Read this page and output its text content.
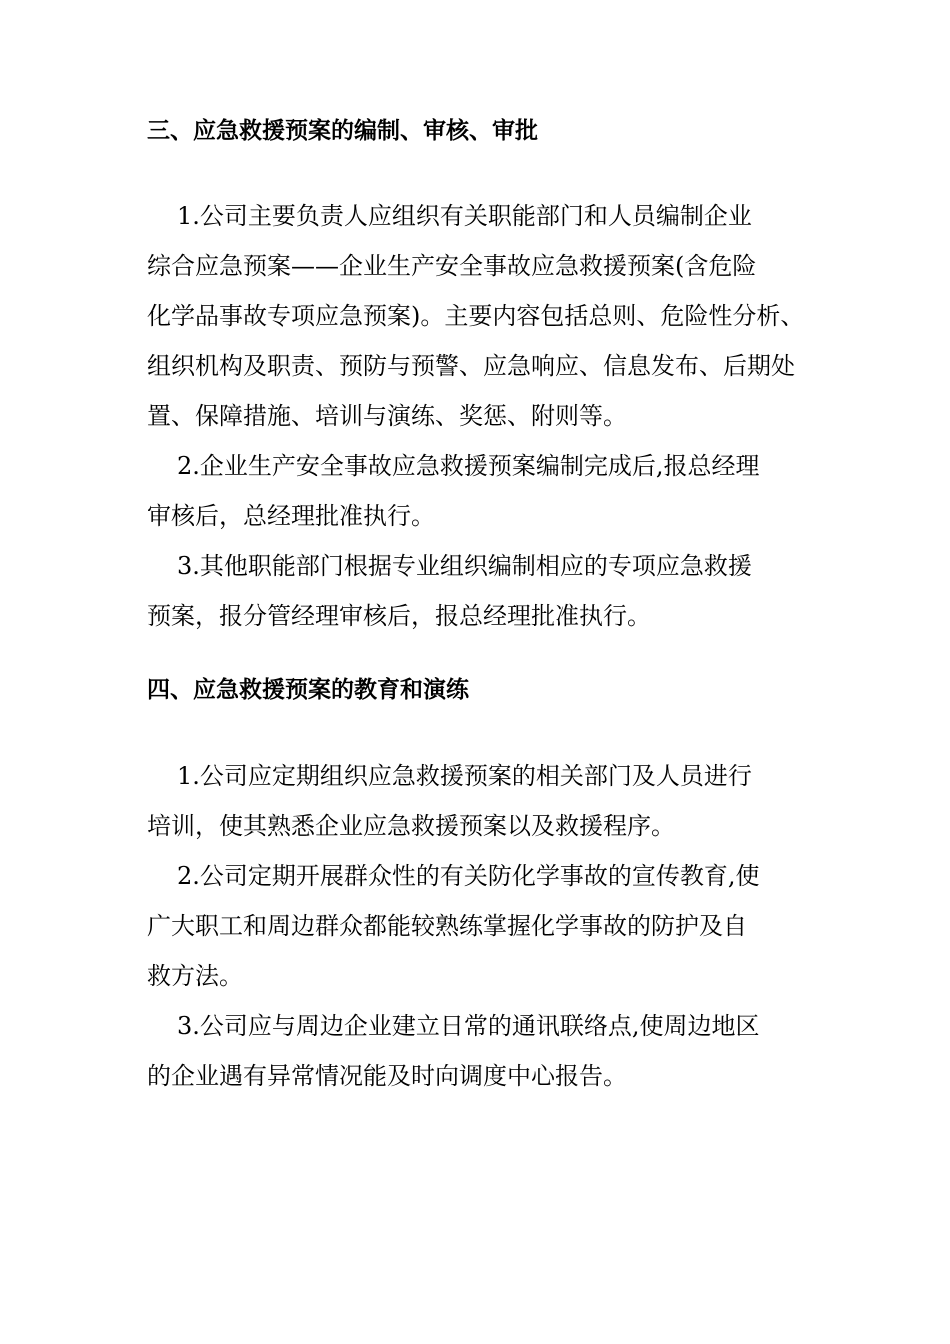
三、应急救援预案的编制、审核、审批
1.公司主要负责人应组织有关职能部门和人员编制企业
综合应急预案——企业生产安全事故应急救援预案(含危险
化学品事故专项应急预案)。主要内容包括总则、危险性分析、
组织机构及职责、预防与预警、应急响应、信息发布、后期处
置、保障措施、培训与演练、奖惩、附则等。
2.企业生产安全事故应急救援预案编制完成后,报总经理
审核后，总经理批准执行。
3.其他职能部门根据专业组织编制相应的专项应急救援
预案，报分管经理审核后，报总经理批准执行。
四、应急救援预案的教育和演练
1.公司应定期组织应急救援预案的相关部门及人员进行
培训，使其熟悉企业应急救援预案以及救援程序。
2.公司定期开展群众性的有关防化学事故的宣传教育,使
广大职工和周边群众都能较熟练掌握化学事故的防护及自
救方法。
3.公司应与周边企业建立日常的通讯联络点,使周边地区
的企业遇有异常情况能及时向调度中心报告。
